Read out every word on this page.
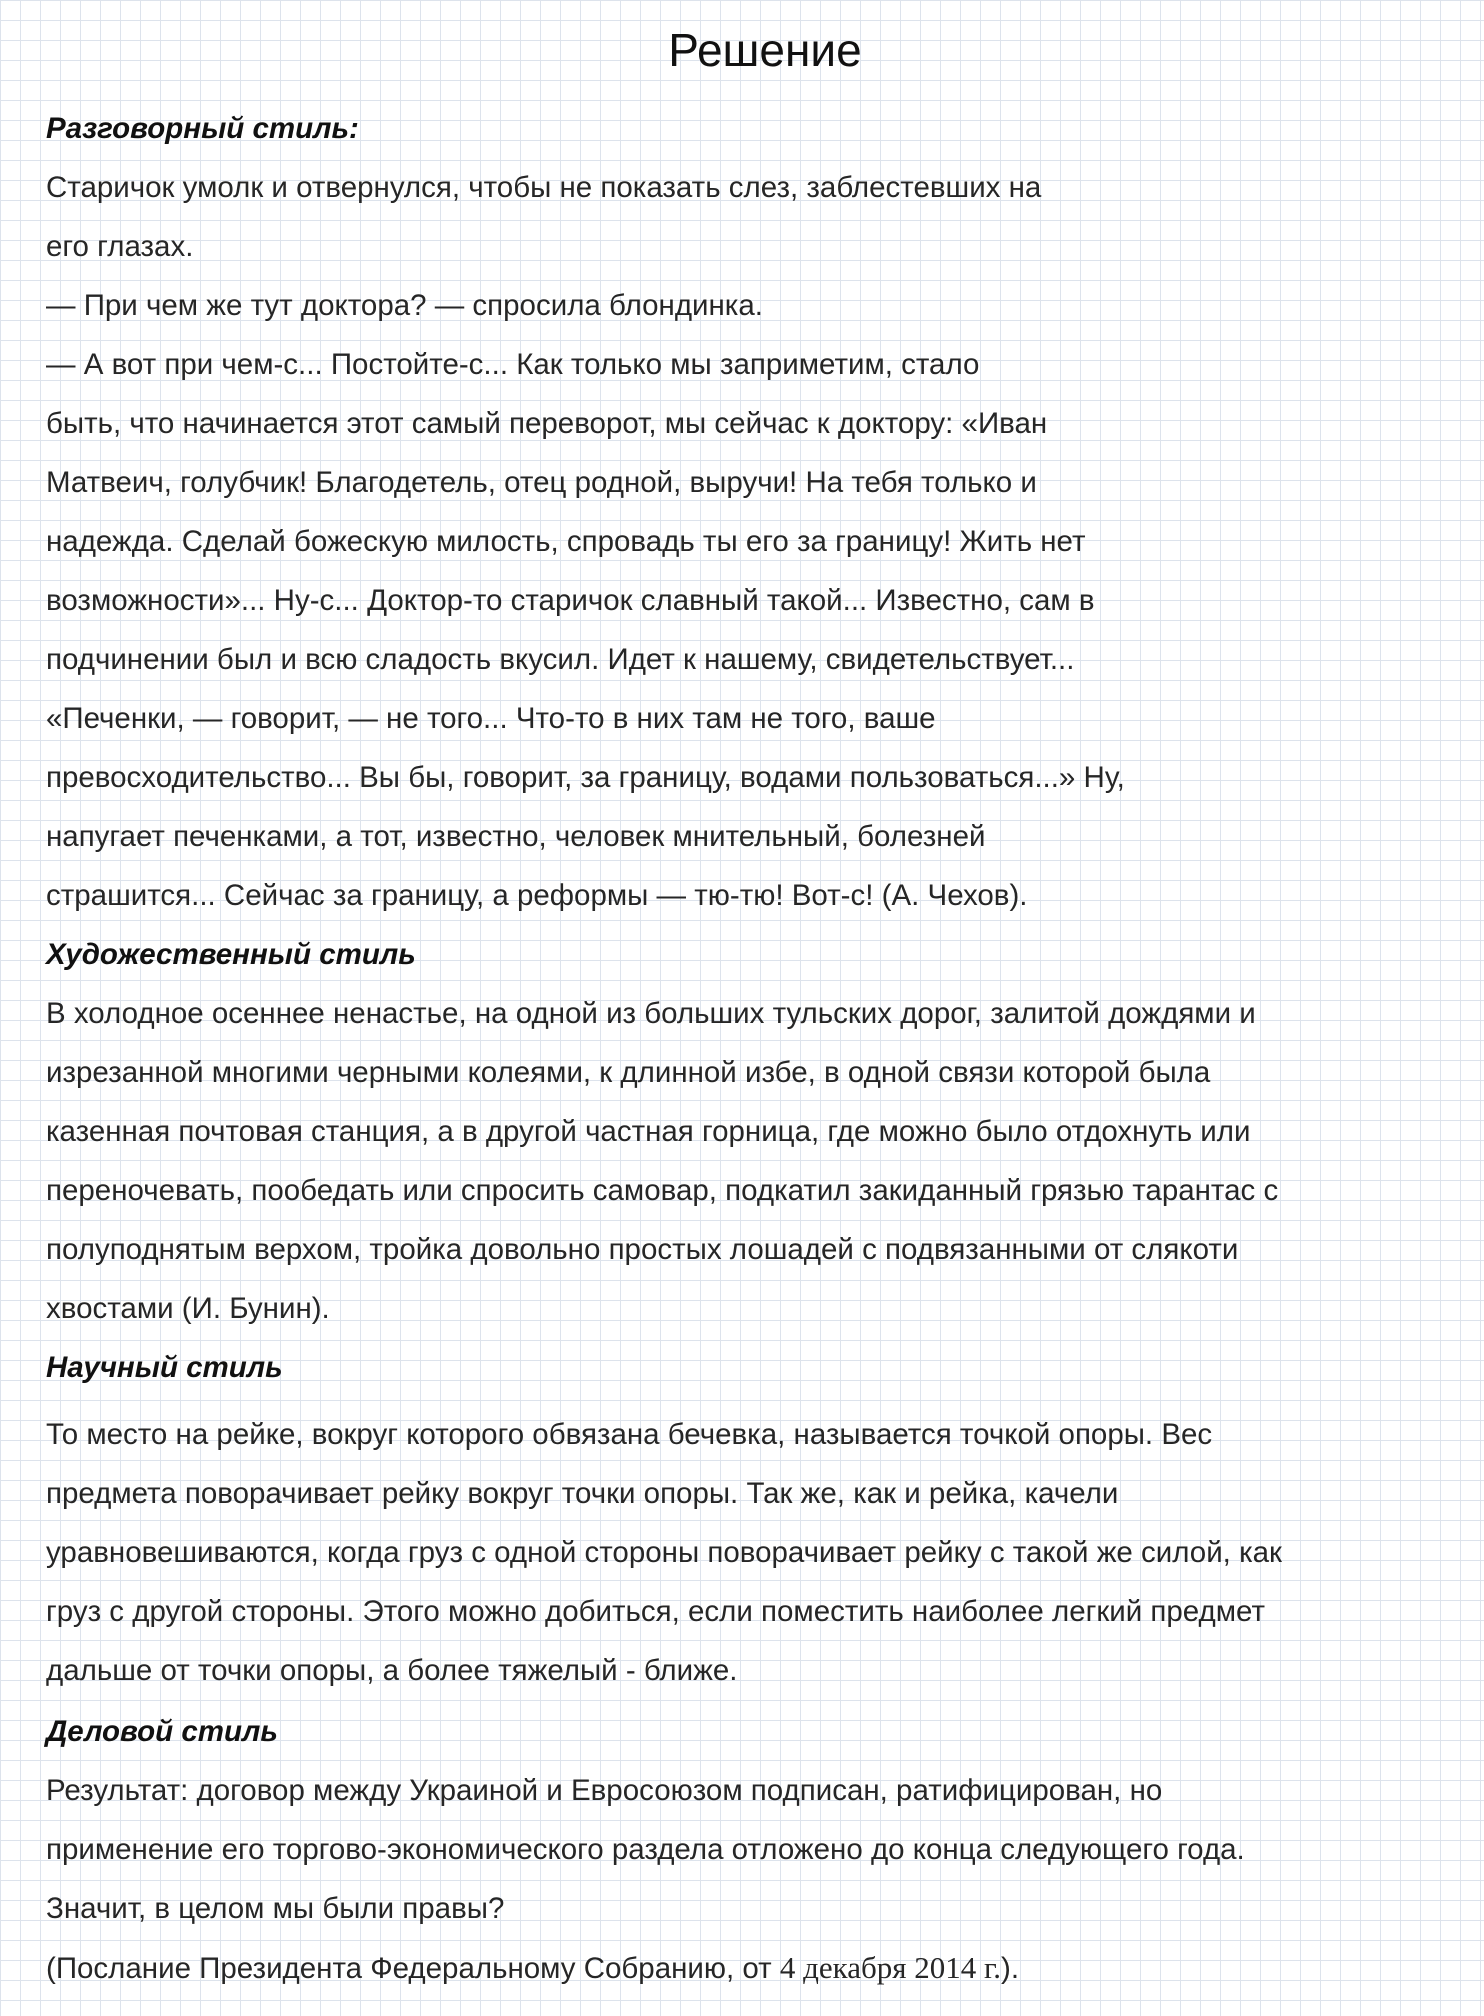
Решение
Разговорный стиль:
Старичок умолк и отвернулся, чтобы не показать слез, заблестевших на
его глазах.
— При чем же тут доктора? — спросила блондинка.
— А вот при чем-с... Постойте-с... Как только мы заприметим, стало
быть, что начинается этот самый переворот, мы сейчас к доктору: «Иван
Матвеич, голубчик! Благодетель, отец родной, выручи! На тебя только и
надежда. Сделай божескую милость, спровадь ты его за границу! Жить нет
возможности»... Ну-с... Доктор-то старичок славный такой... Известно, сам в
подчинении был и всю сладость вкусил. Идет к нашему, свидетельствует...
«Печенки, — говорит, — не того... Что-то в них там не того, ваше
превосходительство... Вы бы, говорит, за границу, водами пользоваться...» Ну,
напугает печенками, а тот, известно, человек мнительный, болезней
страшится... Сейчас за границу, а реформы — тю-тю! Вот-с! (А. Чехов).
Художественный стиль
В холодное осеннее ненастье, на одной из больших тульских дорог, залитой дождями и
изрезанной многими черными колеями, к длинной избе, в одной связи которой была
казенная почтовая станция, а в другой частная горница, где можно было отдохнуть или
переночевать, пообедать или спросить самовар, подкатил закиданный грязью тарантас с
полуподнятым верхом, тройка довольно простых лошадей с подвязанными от слякоти
хвостами (И. Бунин).
Научный стиль
То место на рейке, вокруг которого обвязана бечевка, называется точкой опоры. Вес
предмета поворачивает рейку вокруг точки опоры. Так же, как и рейка, качели
уравновешиваются, когда груз с одной стороны поворачивает рейку с такой же силой, как
груз с другой стороны. Этого можно добиться, если поместить наиболее легкий предмет
дальше от точки опоры, а более тяжелый - ближе.
Деловой стиль
Результат: договор между Украиной и Евросоюзом подписан, ратифицирован, но
применение его торгово-экономического раздела отложено до конца следующего года.
Значит, в целом мы были правы?
(Послание Президента Федеральному Собранию, от 4 декабря 2014 г.).
